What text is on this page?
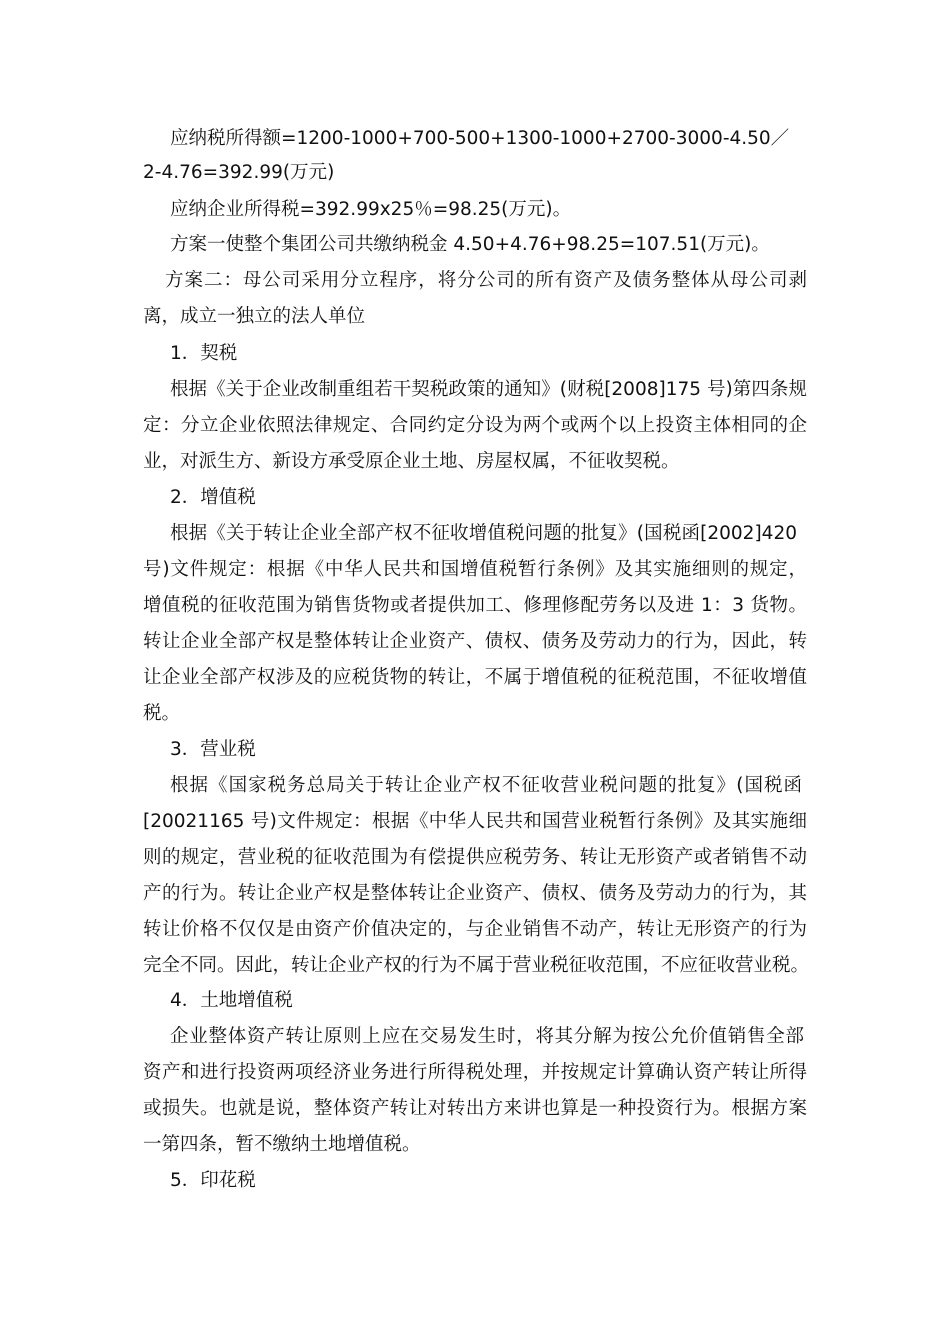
应纳税所得额=1200-1000+700-500+1300-1000+2700-3000-4.50／
2-4.76=392.99(万元)
应纳企业所得税=392.99x25％=98.25(万元)。
方案一使整个集团公司共缴纳税金 4.50+4.76+98.25=107.51(万元)。
方案二：母公司采用分立程序，将分公司的所有资产及债务整体从母公司剥
离，成立一独立的法人单位
1．契税
根据《关于企业改制重组若干契税政策的通知》(财税[2008]175 号)第四条规
定：分立企业依照法律规定、合同约定分设为两个或两个以上投资主体相同的企
业，对派生方、新设方承受原企业土地、房屋权属，不征收契税。
2．增值税
根据《关于转让企业全部产权不征收增值税问题的批复》(国税函[2002]420
号)文件规定：根据《中华人民共和国增值税暂行条例》及其实施细则的规定，
增值税的征收范围为销售货物或者提供加工、修理修配劳务以及进 1：3 货物。
转让企业全部产权是整体转让企业资产、债权、债务及劳动力的行为，因此，转
让企业全部产权涉及的应税货物的转让，不属于增值税的征税范围，不征收增值
税。
3．营业税
根据《国家税务总局关于转让企业产权不征收营业税问题的批复》(国税函
[20021165 号)文件规定：根据《中华人民共和国营业税暂行条例》及其实施细
则的规定，营业税的征收范围为有偿提供应税劳务、转让无形资产或者销售不动
产的行为。转让企业产权是整体转让企业资产、债权、债务及劳动力的行为，其
转让价格不仅仅是由资产价值决定的，与企业销售不动产，转让无形资产的行为
完全不同。因此，转让企业产权的行为不属于营业税征收范围，不应征收营业税。
4．土地增值税
企业整体资产转让原则上应在交易发生时，将其分解为按公允价值销售全部
资产和进行投资两项经济业务进行所得税处理，并按规定计算确认资产转让所得
或损失。也就是说，整体资产转让对转出方来讲也算是一种投资行为。根据方案
一第四条，暂不缴纳土地增值税。
5．印花税
